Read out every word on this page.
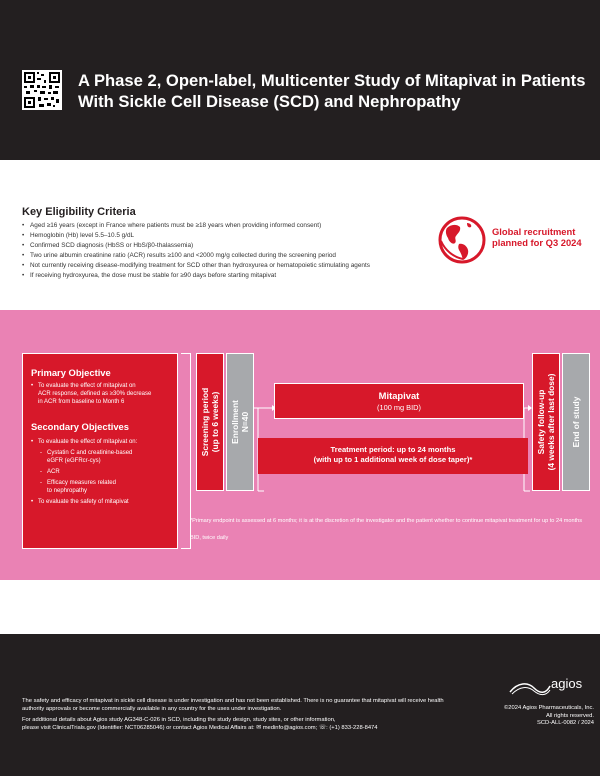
A Phase 2, Open-label, Multicenter Study of Mitapivat in Patients With Sickle Cell Disease (SCD) and Nephropathy
Key Eligibility Criteria
• Aged ≥16 years (except in France where patients must be ≥18 years when providing informed consent)
• Hemoglobin (Hb) level 5.5–10.5 g/dL
• Confirmed SCD diagnosis (HbSS or HbS/β0-thalassemia)
• Two urine albumin creatinine ratio (ACR) results ≥100 and <2000 mg/g collected during the screening period
• Not currently receiving disease-modifying treatment for SCD other than hydroxyurea or hematopoietic stimulating agents
• If receiving hydroxyurea, the dose must be stable for ≥90 days before starting mitapivat
Global recruitment
planned for Q3 2024
Primary Objective
• To evaluate the effect of mitapivat on
ACR response, defined as ≥30% decrease
in ACR from baseline to Month 6
Secondary Objectives
• To evaluate the effect of mitapivat on:
- Cystatin C and creatinine-based
eGFR (eGFRcr-cys)
- ACR
- Efficacy measures related
to nephropathy
• To evaluate the safety of mitapivat
Screening period (up to 6 weeks) Enrollment N=40
Mitapivat
(100 mg BID)
Treatment period: up to 24 months
(with up to 1 additional week of dose taper)*
Safety follow-up (4 weeks after last dose) End of study

*Primary endpoint is assessed at 6 months; it is at the discretion of the investigator and the patient whether to continue mitapivat treatment for up to 24 months

BID, twice daily

The safety and efficacy of mitapivat in sickle cell disease is under investigation and has not been established. There is no guarantee that mitapivat will receive health authority approvals or become commercially available in any country for the uses under investigation.

For additional details about Agios study AG348-C-026 in SCD, including the study design, study sites, or other information,
please visit ClinicalTrials.gov (Identifier: NCT06285046) or contact Agios Medical Affairs at: ✉ medinfo@agios.com; ☏: (+1) 833-228-8474

agios

©2024 Agios Pharmaceuticals, Inc.
All rights reserved.
SCD-ALL-0082 / 2024
